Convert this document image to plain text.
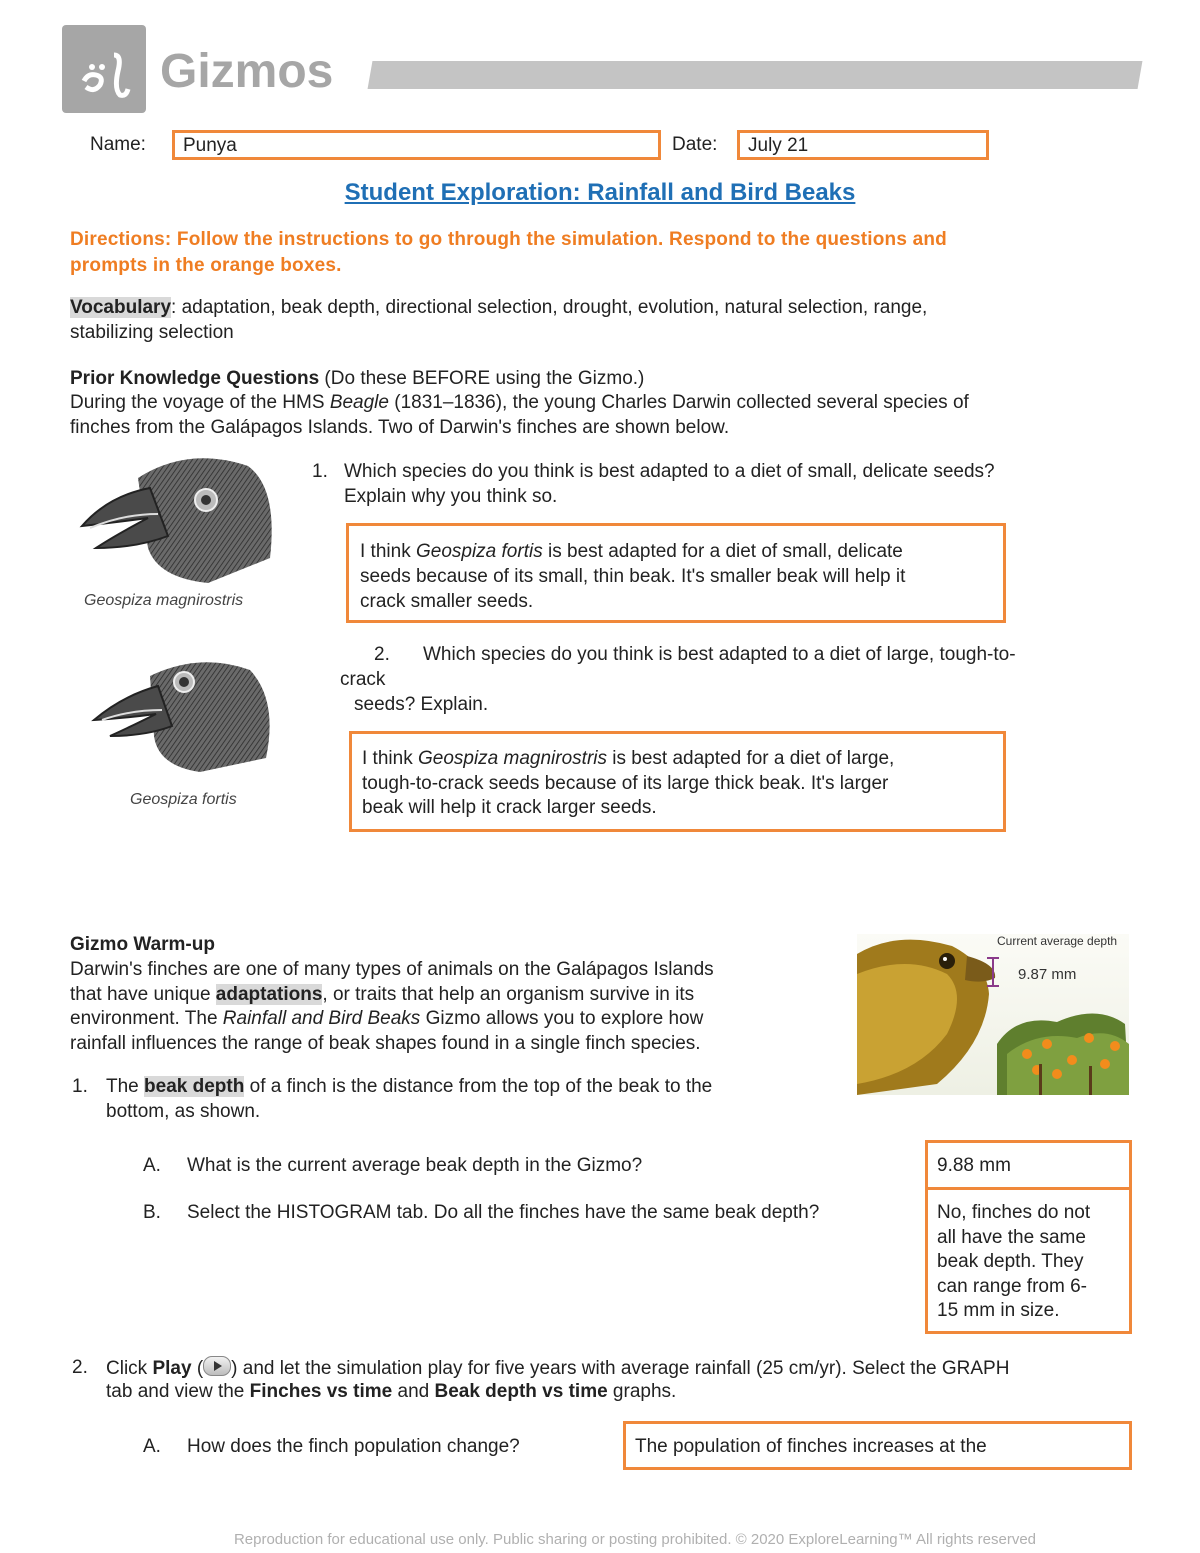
Gizmos
Name: Punya	Date: July 21
Student Exploration: Rainfall and Bird Beaks
Directions: Follow the instructions to go through the simulation. Respond to the questions and
prompts in the orange boxes.
Vocabulary: adaptation, beak depth, directional selection, drought, evolution, natural selection, range,
stabilizing selection
Prior Knowledge Questions (Do these BEFORE using the Gizmo.)
During the voyage of the HMS Beagle (1831–1836), the young Charles Darwin collected several species of
finches from the Galápagos Islands. Two of Darwin's finches are shown below.
Geospiza magnirostris
Geospiza fortis
1. Which species do you think is best adapted to a diet of small, delicate seeds?
Explain why you think so.
I think Geospiza fortis is best adapted for a diet of small, delicate
seeds because of its small, thin beak. It's smaller beak will help it
crack smaller seeds.
2. Which species do you think is best adapted to a diet of large, tough-to-
crack
seeds? Explain.
I think Geospiza magnirostris is best adapted for a diet of large,
tough-to-crack seeds because of its large thick beak. It's larger
beak will help it crack larger seeds.
Gizmo Warm-up
Darwin's finches are one of many types of animals on the Galápagos Islands
that have unique adaptations, or traits that help an organism survive in its
environment. The Rainfall and Bird Beaks Gizmo allows you to explore how
rainfall influences the range of beak shapes found in a single finch species.
Current average depth
9.87 mm
1. The beak depth of a finch is the distance from the top of the beak to the
bottom, as shown.
A. What is the current average beak depth in the Gizmo?	9.88 mm
B. Select the HISTOGRAM tab. Do all the finches have the same beak depth?	No, finches do not
all have the same
beak depth. They
can range from 6-
15 mm in size.
2. Click Play ( ) and let the simulation play for five years with average rainfall (25 cm/yr). Select the GRAPH
tab and view the Finches vs time and Beak depth vs time graphs.
A. How does the finch population change?	The population of finches increases at the
Reproduction for educational use only. Public sharing or posting prohibited. © 2020 ExploreLearning™ All rights reserved
